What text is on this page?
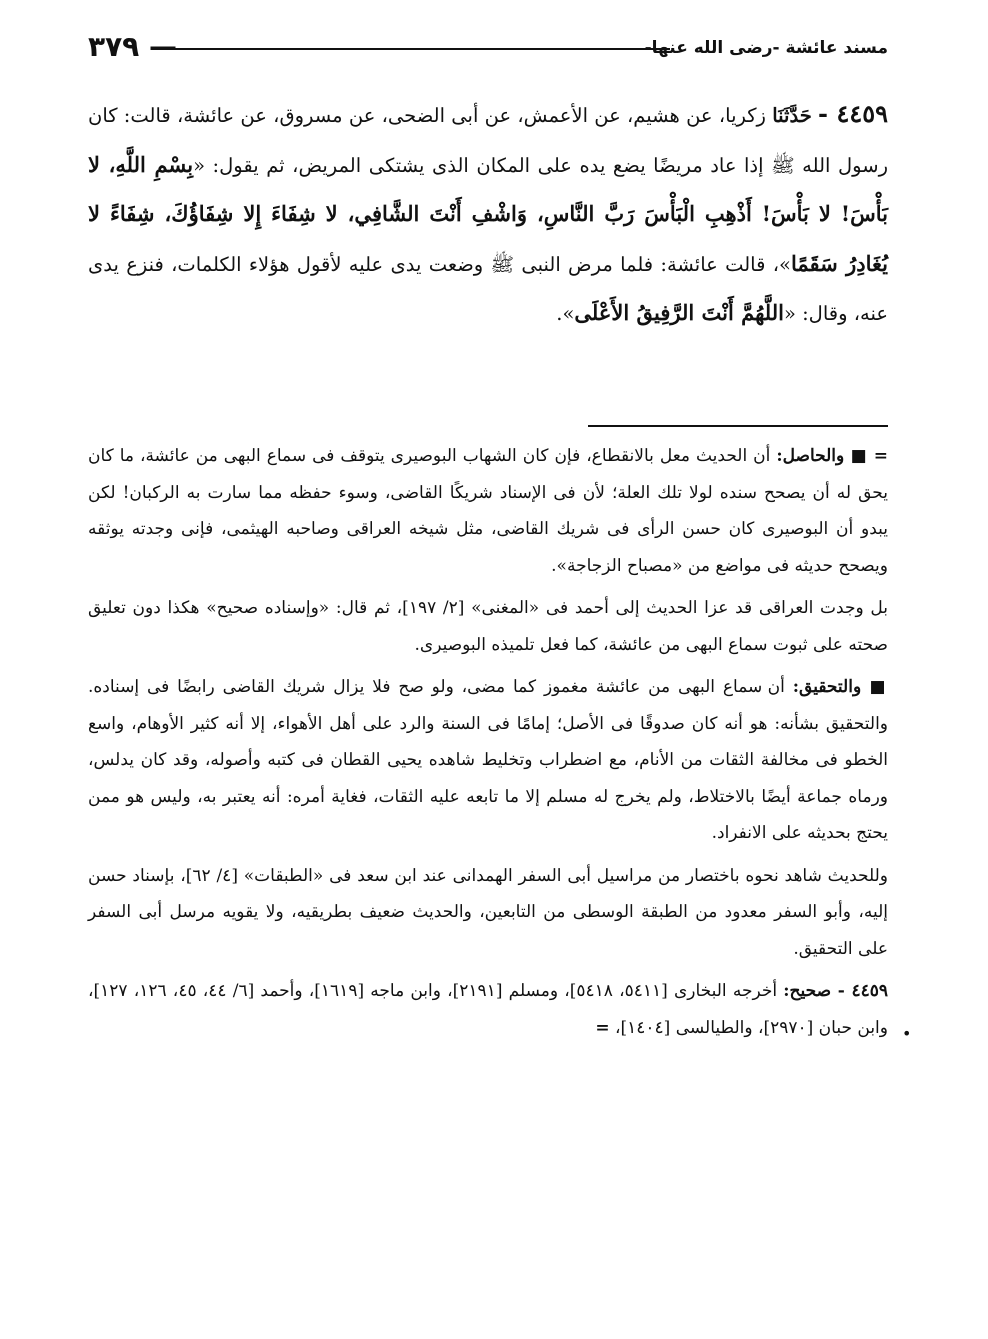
مسند عائشة -رضى الله عنها-
— ٣٧٩
٤٤٥٩ - حَدَّثَنَا زكريا، عن هشيم، عن الأعمش، عن أبى الضحى، عن مسروق، عن عائشة، قالت: كان رسول الله ﷺ إذا عاد مريضًا يضع يده على المكان الذى يشتكى المريض، ثم يقول: «بِسْمِ اللَّهِ، لا بَأْسَ! لا بَأْسَ! أَذْهِبِ الْبَأْسَ رَبَّ النَّاسِ، وَاشْفِ أَنْتَ الشَّافِي، لا شِفَاءَ إِلا شِفَاؤُكَ، شِفَاءً لا يُغَادِرُ سَقَمًا»، قالت عائشة: فلما مرض النبى ﷺ وضعت يدى عليه لأقول هؤلاء الكلمات، فنزع يدى عنه، وقال: «اللَّهُمَّ أَنْتَ الرَّفِيقُ الأَعْلَى».

= ■ والحاصل: أن الحديث معل بالانقطاع، فإن كان الشهاب البوصيرى يتوقف فى سماع البهى من عائشة، ما كان يحق له أن يصحح سنده لولا تلك العلة؛ لأن فى الإسناد شريكًا القاضى، وسوء حفظه مما سارت به الركبان! لكن يبدو أن البوصيرى كان حسن الرأى فى شريك القاضى، مثل شيخه العراقى وصاحبه الهيثمى، فإنى وجدته يوثقه ويصحح حديثه فى مواضع من «مصباح الزجاجة».

بل وجدت العراقى قد عزا الحديث إلى أحمد فى «المغنى» [٢/ ١٩٧]، ثم قال: «وإسناده صحيح» هكذا دون تعليق صحته على ثبوت سماع البهى من عائشة، كما فعل تلميذه البوصيرى.

■ والتحقيق: أن سماع البهى من عائشة مغموز كما مضى، ولو صح فلا يزال شريك القاضى رابضًا فى إسناده. والتحقيق بشأنه: هو أنه كان صدوقًا فى الأصل؛ إمامًا فى السنة والرد على أهل الأهواء، إلا أنه كثير الأوهام، واسع الخطو فى مخالفة الثقات من الأنام، مع اضطراب وتخليط شاهده يحيى القطان فى كتبه وأصوله، وقد كان يدلس، ورماه جماعة أيضًا بالاختلاط، ولم يخرج له مسلم إلا ما تابعه عليه الثقات، فغاية أمره: أنه يعتبر به، وليس هو ممن يحتج بحديثه على الانفراد.

وللحديث شاهد نحوه باختصار من مراسيل أبى السفر الهمدانى عند ابن سعد فى «الطبقات» [٤/ ٦٢]، بإسناد حسن إليه، وأبو السفر معدود من الطبقة الوسطى من التابعين، والحديث ضعيف بطريقيه، ولا يقويه مرسل أبى السفر على التحقيق.

٤٤٥٩ - صحيح: أخرجه البخارى [٥٤١١، ٥٤١٨]، ومسلم [٢١٩١]، وابن ماجه [١٦١٩]، وأحمد [٦/ ٤٤، ٤٥، ١٢٦، ١٢٧]، وابن حبان [٢٩٧٠]، والطيالسى [١٤٠٤]، =	•
